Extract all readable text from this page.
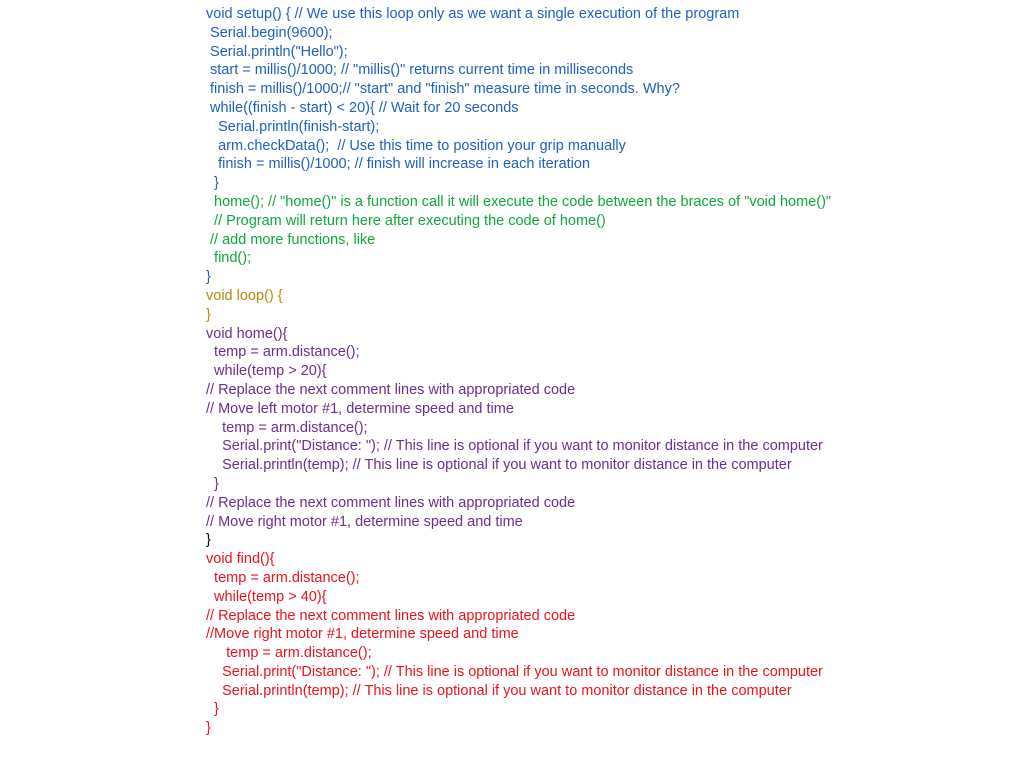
void setup() { // We use this loop only as we want a single execution of the program
Serial.begin(9600);
Serial.println("Hello");
start = millis()/1000; // "millis()" returns current time in milliseconds
finish = millis()/1000;// "start" and "finish" measure time in seconds. Why?
while((finish - start) < 20){ // Wait for 20 seconds
Serial.println(finish-start);
arm.checkData();  // Use this time to position your grip manually
finish = millis()/1000; // finish will increase in each iteration
}
home(); // "home()" is a function call it will execute the code between the braces of "void home()"
// Program will return here after executing the code of home()
// add more functions, like
find();
}
void loop() {
}
void home(){
temp = arm.distance();
while(temp > 20){
// Replace the next comment lines with appropriated code
// Move left motor #1, determine speed and time
temp = arm.distance();
Serial.print("Distance: "); // This line is optional if you want to monitor distance in the computer
Serial.println(temp); // This line is optional if you want to monitor distance in the computer
}
// Replace the next comment lines with appropriated code
// Move right motor #1, determine speed and time
}
void find(){
temp = arm.distance();
while(temp > 40){
// Replace the next comment lines with appropriated code
//Move right motor #1, determine speed and time
temp = arm.distance();
Serial.print("Distance: "); // This line is optional if you want to monitor distance in the computer
Serial.println(temp); // This line is optional if you want to monitor distance in the computer
}
}
